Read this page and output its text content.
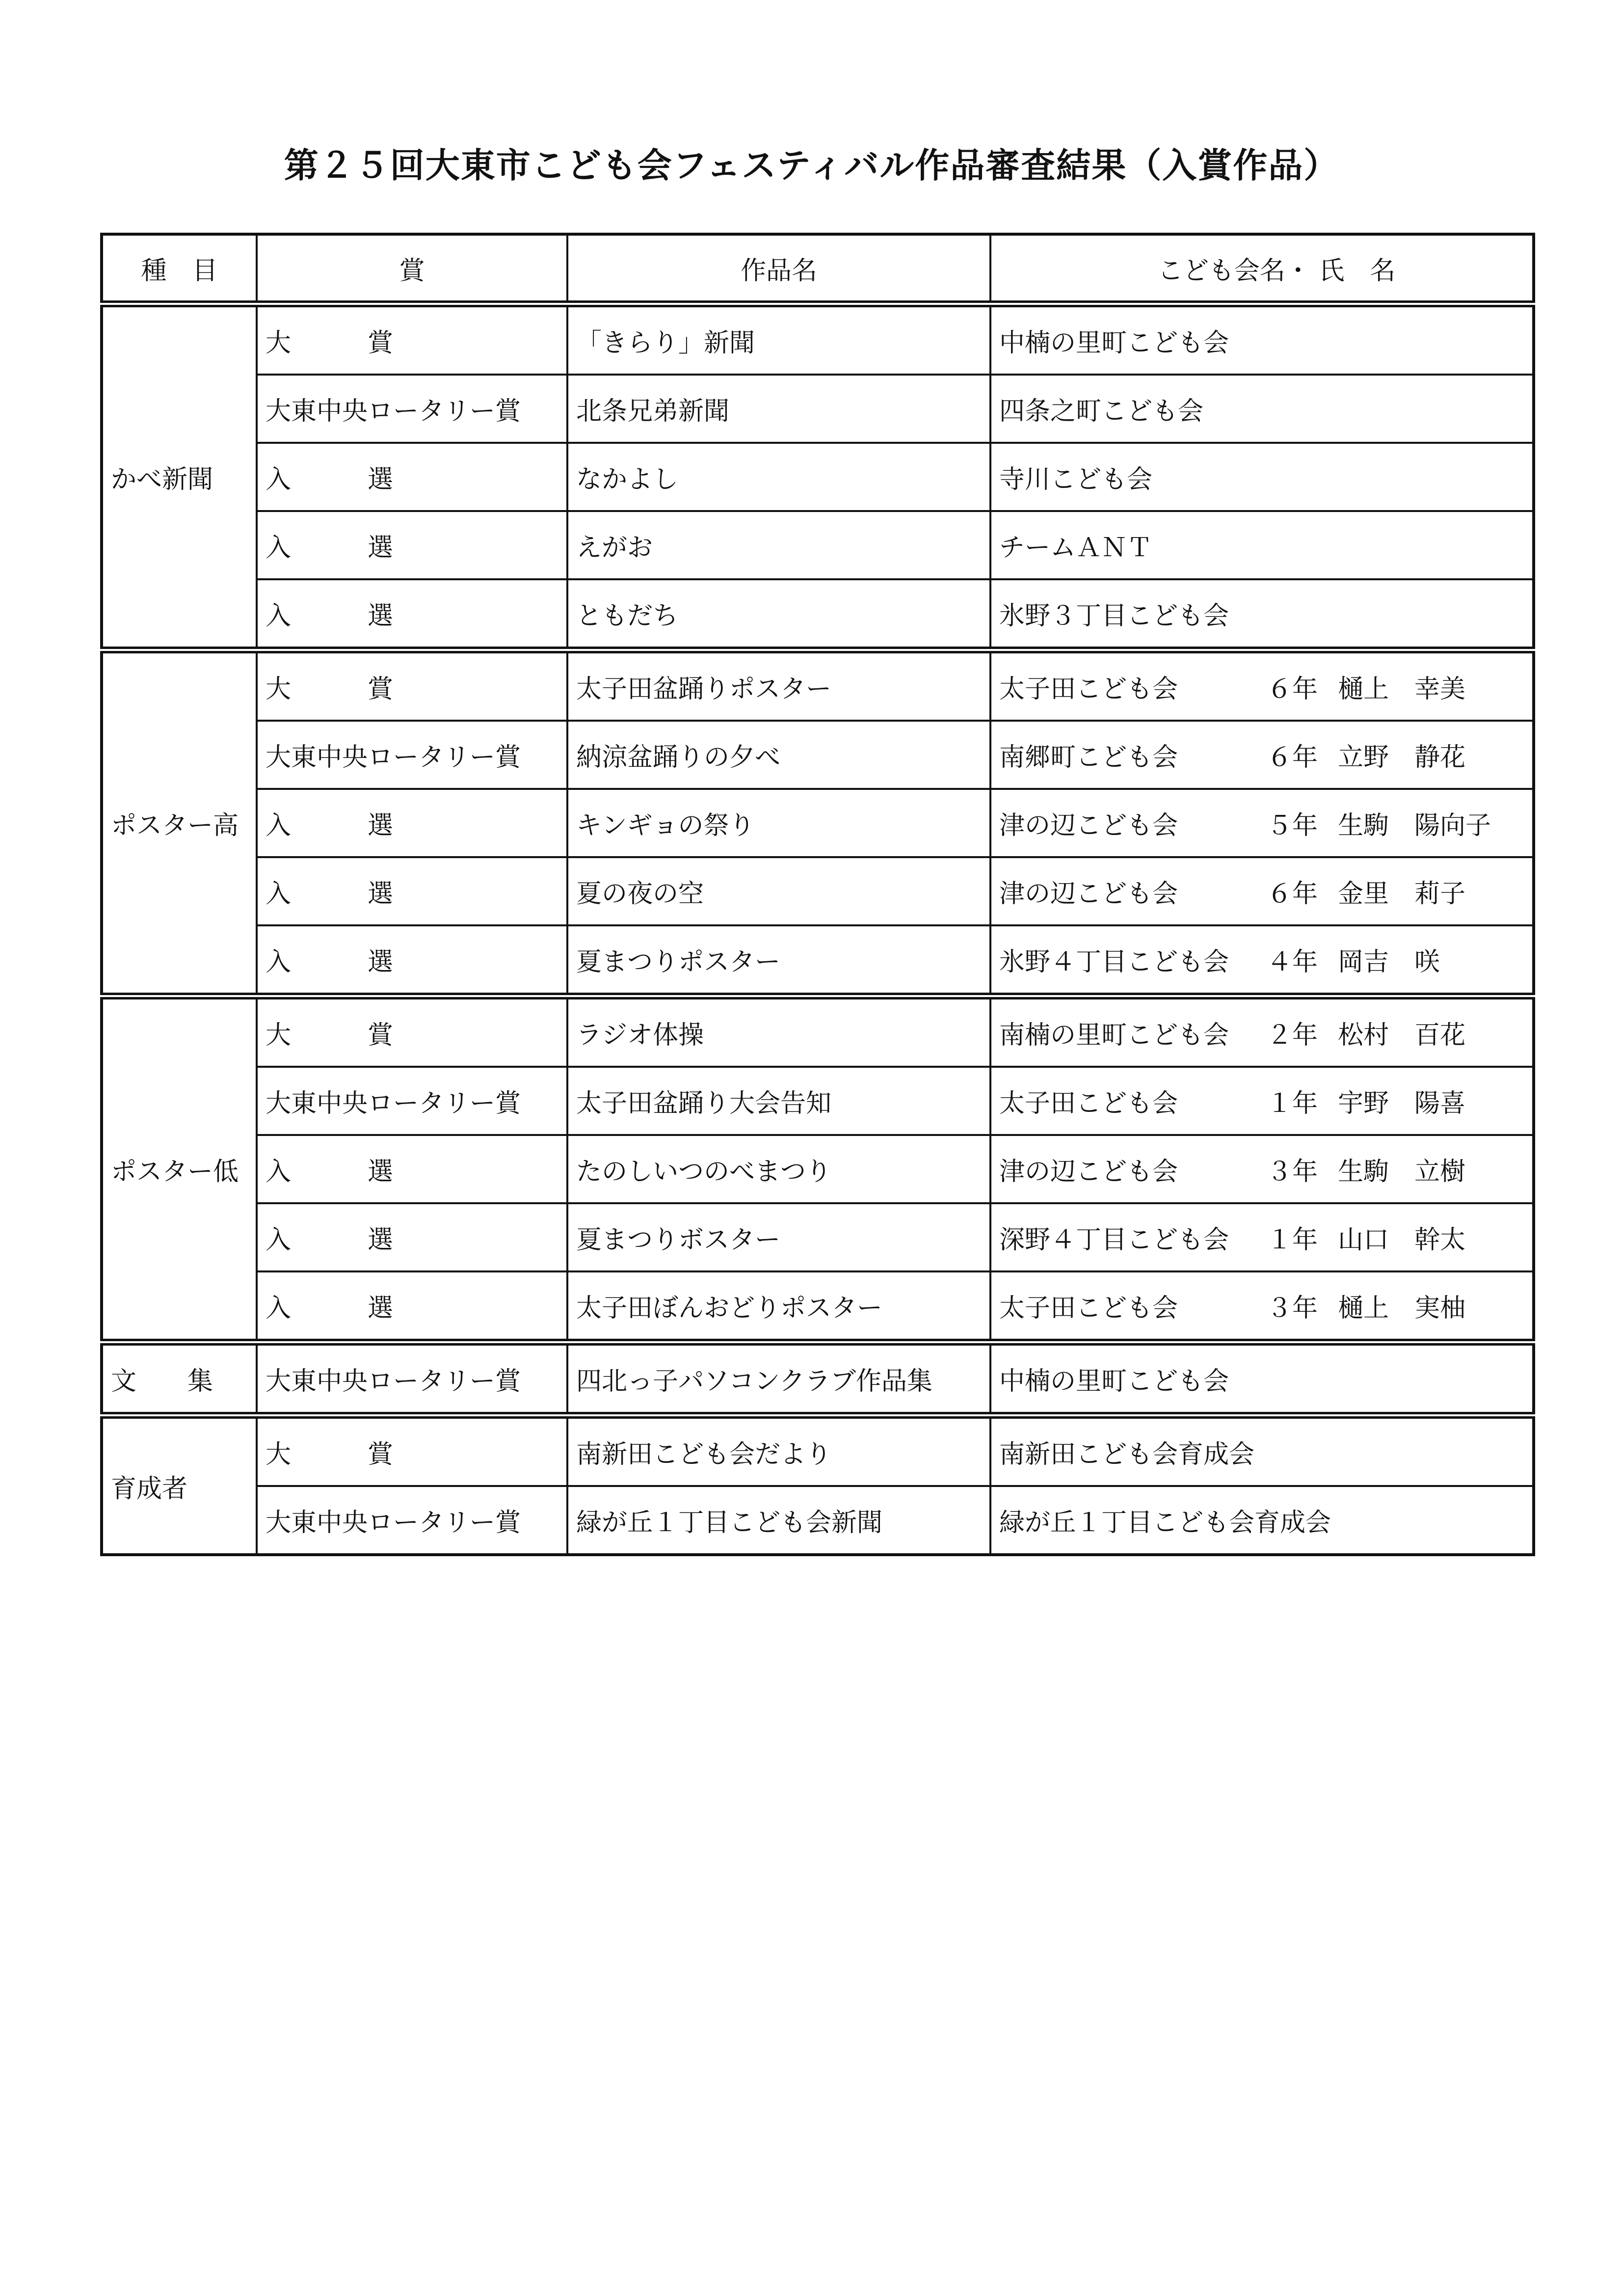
第２５回大東市こども会フェスティバル作品審査結果（入賞作品）
種　目	賞	作品名	こども会名・ 氏　名
かべ新聞	大　　　賞	「きらり」新聞	中楠の里町こども会
	大東中央ロータリー賞	北条兄弟新聞	四条之町こども会
	入　　　選	なかよし	寺川こども会
	入　　　選	えがお	チームＡＮＴ
	入　　　選	ともだち	氷野３丁目こども会
ポスター高	大　　　賞	太子田盆踊りポスター	太子田こども会 ６年 樋上　幸美
	大東中央ロータリー賞	納涼盆踊りの夕べ	南郷町こども会 ６年 立野　静花
	入　　　選	キンギョの祭り	津の辺こども会 ５年 生駒　陽向子
	入　　　選	夏の夜の空	津の辺こども会 ６年 金里　莉子
	入　　　選	夏まつりポスター	氷野４丁目こども会 ４年 岡吉　咲
ポスター低	大　　　賞	ラジオ体操	南楠の里町こども会 ２年 松村　百花
	大東中央ロータリー賞	太子田盆踊り大会告知	太子田こども会 １年 宇野　陽喜
	入　　　選	たのしいつのべまつり	津の辺こども会 ３年 生駒　立樹
	入　　　選	夏まつりボスター	深野４丁目こども会 １年 山口　幹太
	入　　　選	太子田ぼんおどりポスター	太子田こども会 ３年 樋上　実柚
文　　集	大東中央ロータリー賞	四北っ子パソコンクラブ作品集	中楠の里町こども会
育成者	大　　　賞	南新田こども会だより	南新田こども会育成会
	大東中央ロータリー賞	緑が丘１丁目こども会新聞	緑が丘１丁目こども会育成会
